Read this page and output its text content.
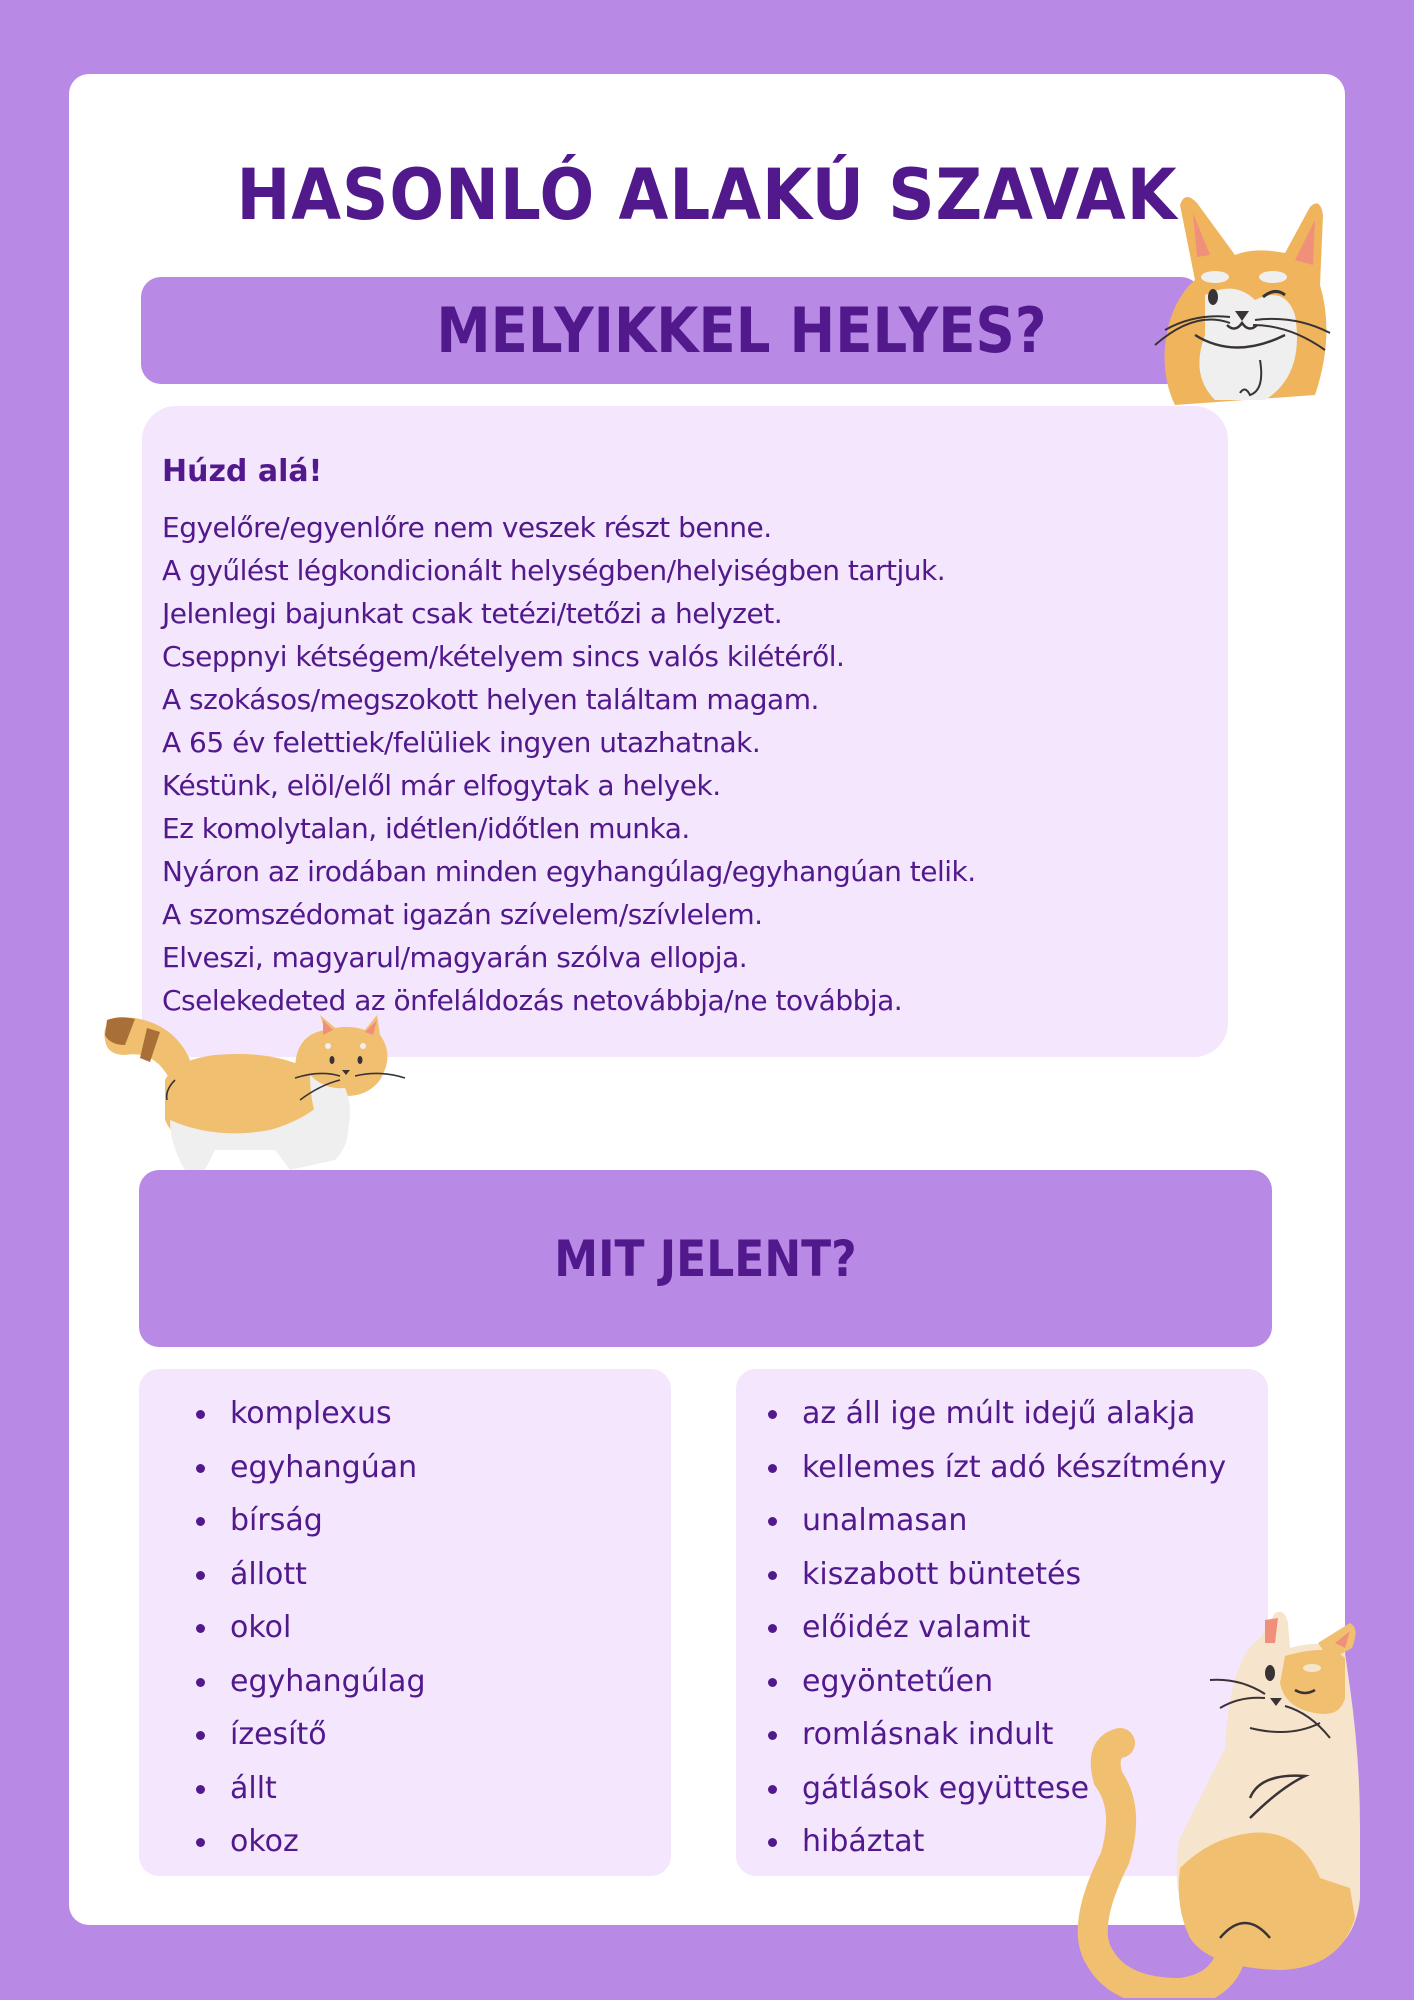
HASONLÓ ALAKÚ SZAVAK
MELYIKKEL HELYES?
Húzd alá!
Egyelőre/egyenlőre nem veszek részt benne.
A gyűlést légkondicionált helységben/helyiségben tartjuk.
Jelenlegi bajunkat csak tetézi/tetőzi a helyzet.
Cseppnyi kétségem/kételyem sincs valós kilétéről.
A szokásos/megszokott helyen találtam magam.
A 65 év felettiek/felüliek ingyen utazhatnak.
Késtünk, elöl/elől már elfogytak a helyek.
Ez komolytalan, idétlen/időtlen munka.
Nyáron az irodában minden egyhangúlag/egyhangúan telik.
A szomszédomat igazán szívelem/szívlelem.
Elveszi, magyarul/magyarán szólva ellopja.
Cselekedeted az önfeláldozás netovábbja/ne továbbja.
MIT JELENT?
komplexus
egyhangúan
bírság
állott
okol
egyhangúlag
ízesítő
állt
okoz
az áll ige múlt idejű alakja
kellemes ízt adó készítmény
unalmasan
kiszabott büntetés
előidéz valamit
egyöntetűen
romlásnak indult
gátlások együttese
hibáztat
